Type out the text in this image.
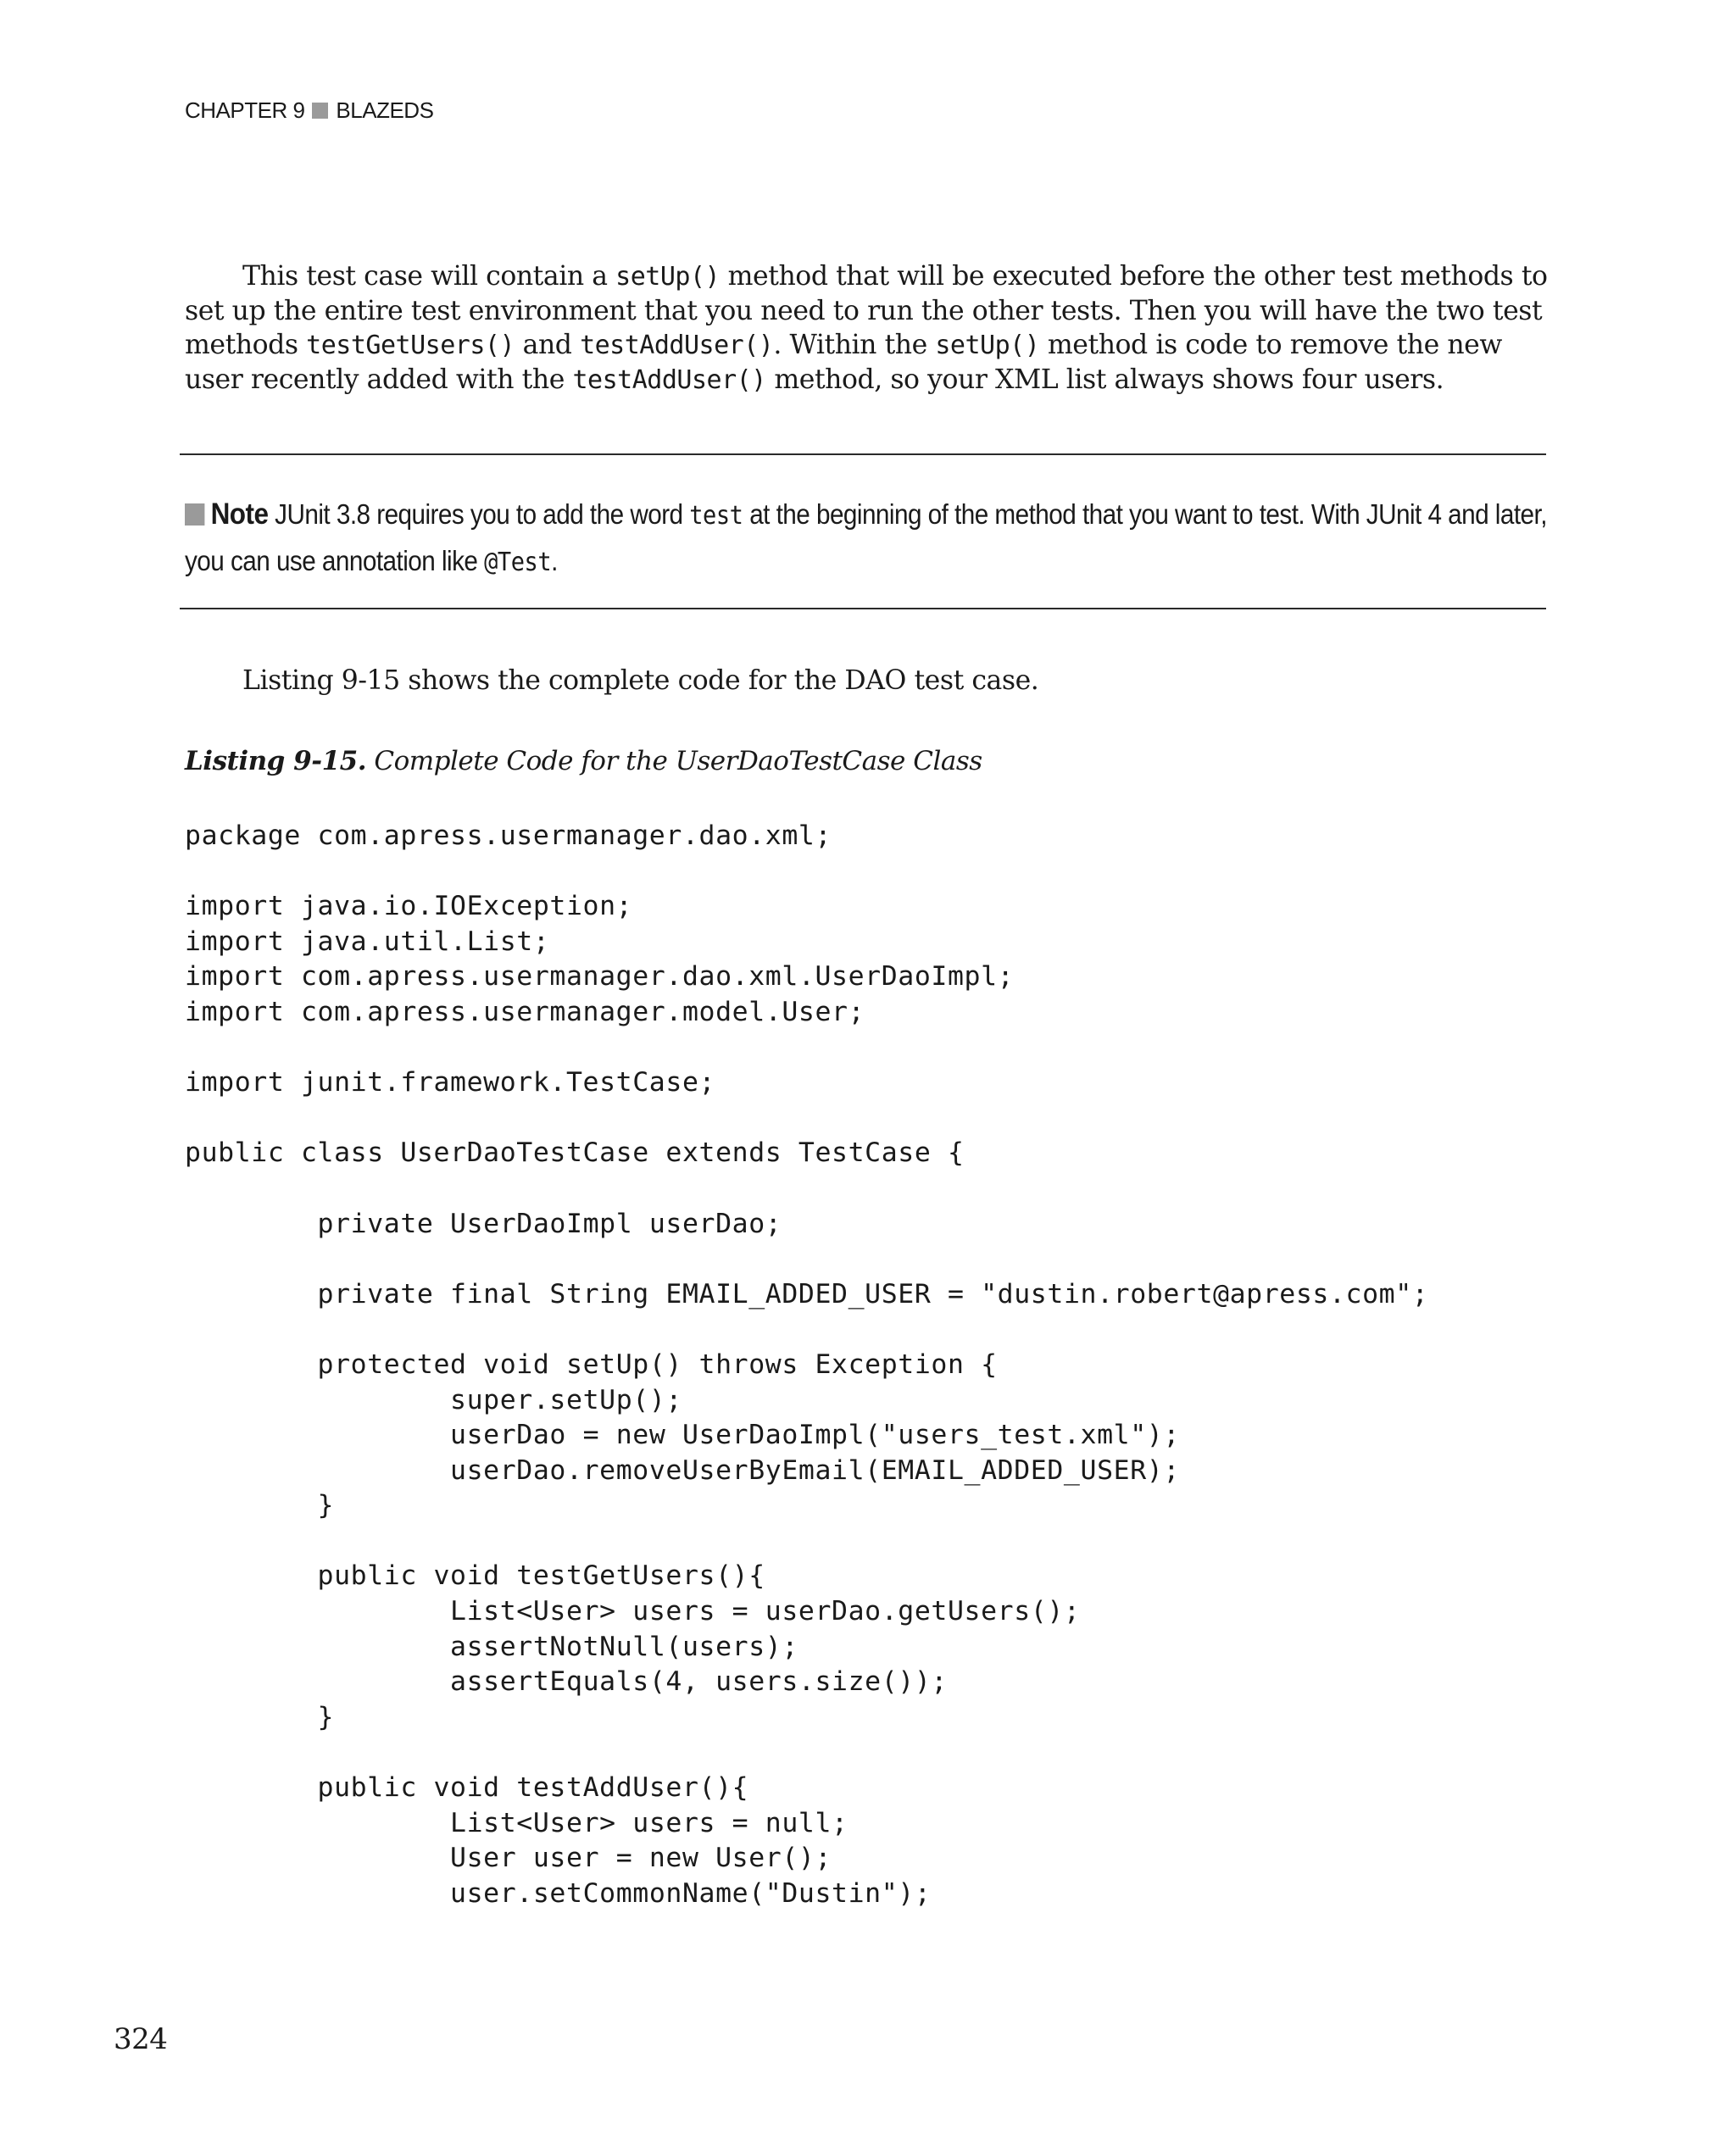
CHAPTER 9 BLAZEDS

This test case will contain a setUp() method that will be executed before the other test methods to set up the entire test environment that you need to run the other tests. Then you will have the two test methods testGetUsers() and testAddUser(). Within the setUp() method is code to remove the new user recently added with the testAddUser() method, so your XML list always shows four users.

Note JUnit 3.8 requires you to add the word test at the beginning of the method that you want to test. With JUnit 4 and later, you can use annotation like @Test.

Listing 9-15 shows the complete code for the DAO test case.

Listing 9-15. Complete Code for the UserDaoTestCase Class
package com.apress.usermanager.dao.xml;
import java.io.IOException;
import java.util.List;
import com.apress.usermanager.dao.xml.UserDaoImpl;
import com.apress.usermanager.model.User;
import junit.framework.TestCase;
public class UserDaoTestCase extends TestCase {
	private UserDaoImpl userDao;
	private final String EMAIL_ADDED_USER = "dustin.robert@apress.com";
	protected void setUp() throws Exception {
		super.setUp();
		userDao = new UserDaoImpl("users_test.xml");
		userDao.removeUserByEmail(EMAIL_ADDED_USER);
	}
	public void testGetUsers(){
		List<User> users = userDao.getUsers();
		assertNotNull(users);
		assertEquals(4, users.size());
	}
	public void testAddUser(){
		List<User> users = null;
		User user = new User();
		user.setCommonName("Dustin");
324
